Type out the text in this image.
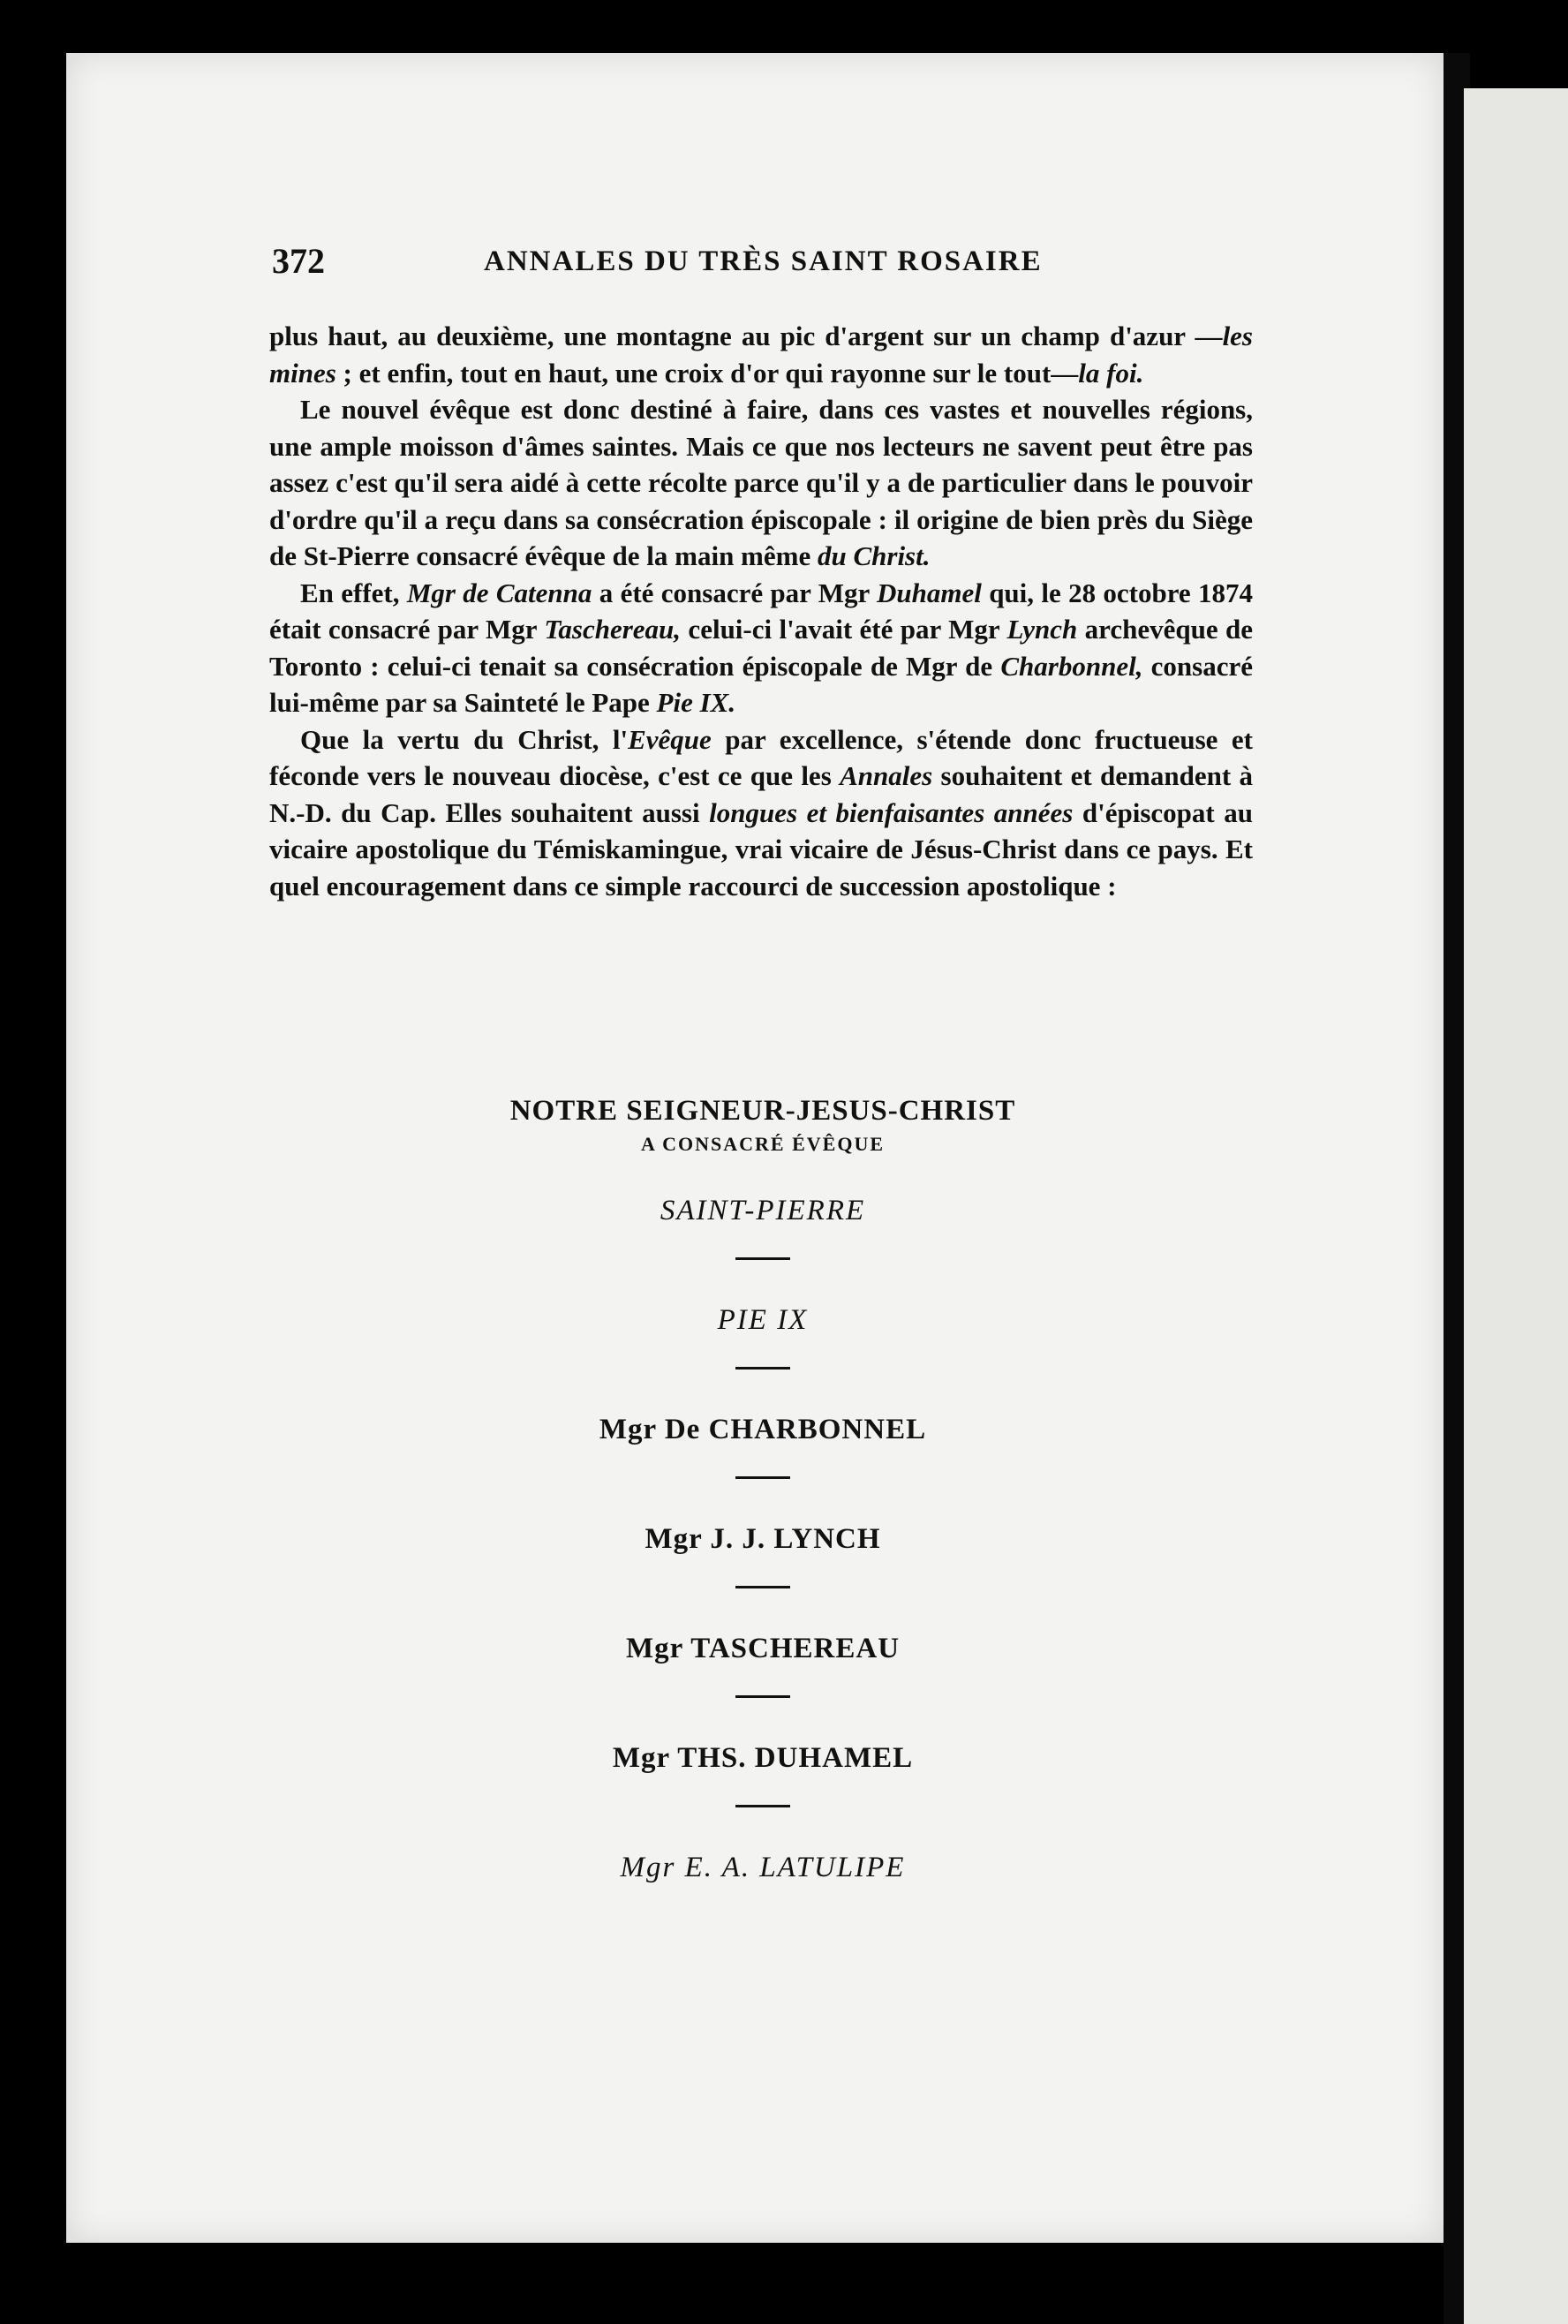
372	ANNALES DU TRÈS SAINT ROSAIRE

plus haut, au deuxième, une montagne au pic d'argent sur un champ d'azur —les mines ; et enfin, tout en haut, une croix d'or qui rayonne sur le tout—la foi.

Le nouvel évêque est donc destiné à faire, dans ces vastes et nouvelles régions, une ample moisson d'âmes saintes. Mais ce que nos lecteurs ne savent peut être pas assez c'est qu'il sera aidé à cette récolte parce qu'il y a de particulier dans le pouvoir d'ordre qu'il a reçu dans sa consécration épiscopale : il origine de bien près du Siège de St-Pierre consacré évêque de la main même du Christ.

En effet, Mgr de Catenna a été consacré par Mgr Duhamel qui, le 28 octobre 1874 était consacré par Mgr Taschereau, celui-ci l'avait été par Mgr Lynch archevêque de Toronto : celui-ci tenait sa consécration épiscopale de Mgr de Charbonnel, consacré lui-même par sa Sainteté le Pape Pie IX.

Que la vertu du Christ, l'Evêque par excellence, s'étende donc fructueuse et féconde vers le nouveau diocèse, c'est ce que les Annales souhaitent et demandent à N.-D. du Cap. Elles souhaitent aussi longues et bienfaisantes années d'épiscopat au vicaire apostolique du Témiskamingue, vrai vicaire de Jésus-Christ dans ce pays. Et quel encouragement dans ce simple raccourci de succession apostolique :

NOTRE SEIGNEUR-JESUS-CHRIST
A CONSACRÉ ÉVÊQUE
SAINT-PIERRE
PIE IX
Mgr De CHARBONNEL
Mgr J. J. LYNCH
Mgr TASCHEREAU
Mgr THS. DUHAMEL
Mgr E. A. LATULIPE
